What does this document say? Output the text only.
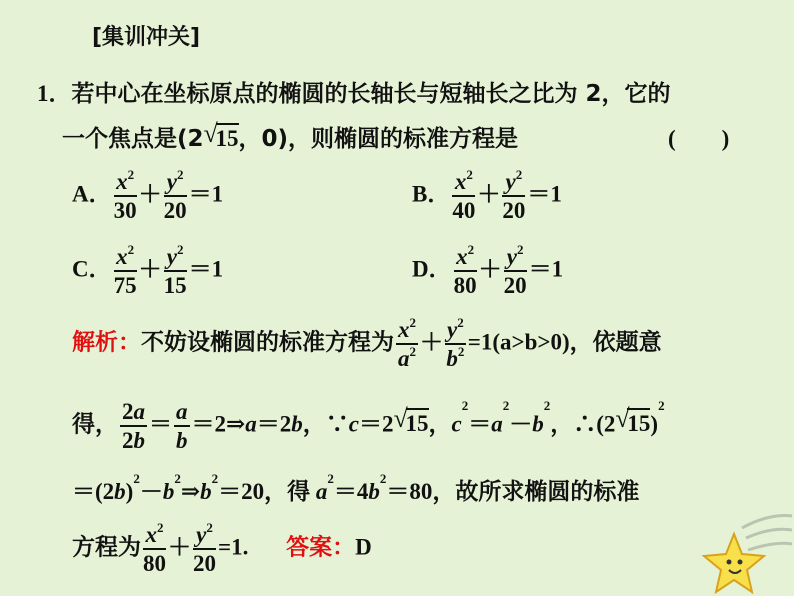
[集训冲关]
1．若中心在坐标原点的椭圆的长轴长与短轴长之比为 2，它的
一个焦点是(2 √
15，0)，则椭圆的标准方程是	(　　)
A． $\frac{x^2}{30} + \frac{y^2}{20} =1$	B． $\frac{x^2}{40} + \frac{y^2}{20} =1$
C． $\frac{x^2}{75} + \frac{y^2}{15} =1$	D． $\frac{x^2}{80} + \frac{y^2}{20} =1$
解析：不妨设椭圆的标准方程为 $\frac{x^2}{a^2} + \frac{y^2}{b^2} =1(a>b>0)$，依题意
得， $\frac{2a}{2b} = \frac{a}{b}$ ＝2⇒a＝2b，∵c＝2 √
15，$c^2=a^2-b^2$，∴(2 √
15)$^2$
$=(2b)^2-b^2\Rightarrow b^2=20$，得 $a^2=4b^2=80$，故所求椭圆的标准
方程为 $\frac{x^2}{80} + \frac{y^2}{20} =1$. 答案：D
